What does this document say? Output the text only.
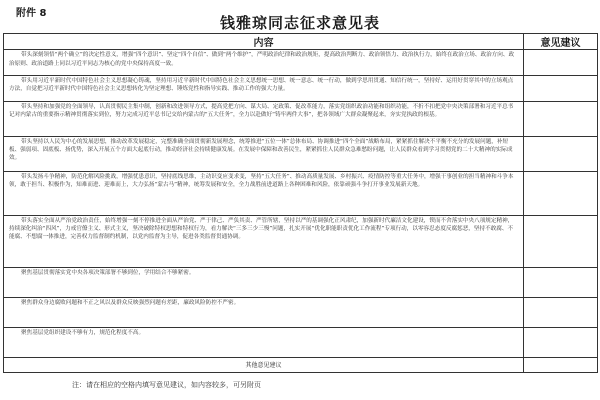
附件 8
钱雅琼同志征求意见表
内容	意见建议

带头深刻领悟“两个确立”的决定性意义，增强“四个意识”、坚定“四个自信”、做到“两个维护”，严明政治纪律和政治规矩，提高政治判断力、政治领悟力、政治执行力，始终在政治立场、政治方向、政治原则、政治道路上同以习近平同志为核心的党中央保持高度一致。	

带头用习近平新时代中国特色社会主义思想凝心铸魂，坚持用习近平新时代中国特色社会主义思想统一思想、统一意志、统一行动，做到学思用贯通、知信行统一，坚持好、运用好贯穿其中的立场观点方法，自觉把习近平新时代中国特色社会主义思想转化为坚定理想、锤炼党性和指导实践、推动工作的强大力量。	

带头坚持和加强党的全面领导，认真贯彻民主集中制，创新和改进领导方式，提高党把方向、谋大局、定政策、促改革能力，落实党组织政治功能和组织功能，不折不扣把党中央决策部署和习近平总书记对内蒙古的重要指示精神贯彻落实到位，努力完成习近平总书记交给内蒙古的“五大任务”，全力以赴做好“铸牢两件大事”，把各领域广大群众凝聚起来，夯实党执政的根基。	

带头坚持以人民为中心的发展思想，推动改革发展稳定，完整准确全面贯彻新发展理念，统筹推进“五位一体”总体布局、协调推进“四个全面”战略布局，紧紧抓住解决不平衡不充分的发展问题，补短板、强弱项、固底板、扬优势，深入开展五个方面大起底行动，推动经济社会持续健康发展。在发展中保障和改善民生，紧紧抓住人民群众急难愁盼问题，让人民群众看到学习贯彻党的二十大精神的实际成效。	

带头发扬斗争精神，防范化解风险挑战，增强忧患意识，坚持底线思维，主动识变应变求变，坚持“五大任务”、推动高质量发展、乡村振兴、疫情防控等重大任务中，增强干事创业的担当精神和斗争本领，敢于担当、积极作为，知难而进、迎难而上，大力弘扬“蒙古马”精神，统筹发展和安全，全力战胜前进道路上各种困难和风险，依靠顽强斗争打开事业发展新天地。	

带头落实全面从严治党政治责任，始终增强一刻不停推进全面从严治党、严于律己、严负其责、严管所辖，坚持以严的基调强化正风肃纪，加强新时代廉洁文化建设，锲而不舍落实中央八项规定精神，持续深化纠治“四风”，力戒官僚主义、形式主义，坚决破除特权思想和特权行为，看力解决“三多三少三慢”问题，扎实开展“优化职能职责优化工作流程”专项行动，以零容忍态度反腐惩恶，坚持不敢腐、不能腐、不想腐一体推进，完善权力监督制约机制，以党内监督为主导，促进各类监督贯通协调。	

聚焦基层贯彻落实党中央各项决策部署不够到位，学用结合不够紧密。	

聚焦群众身边腐败问题和不正之风以及群众反映强烈问题有差距，廉政风险防控不严密。	

聚焦基层党组织建设不够有力，规范化程度不高。	

其他意见建议	
注：请在相应的空格内填写意见建议，如内容较多，可另附页
